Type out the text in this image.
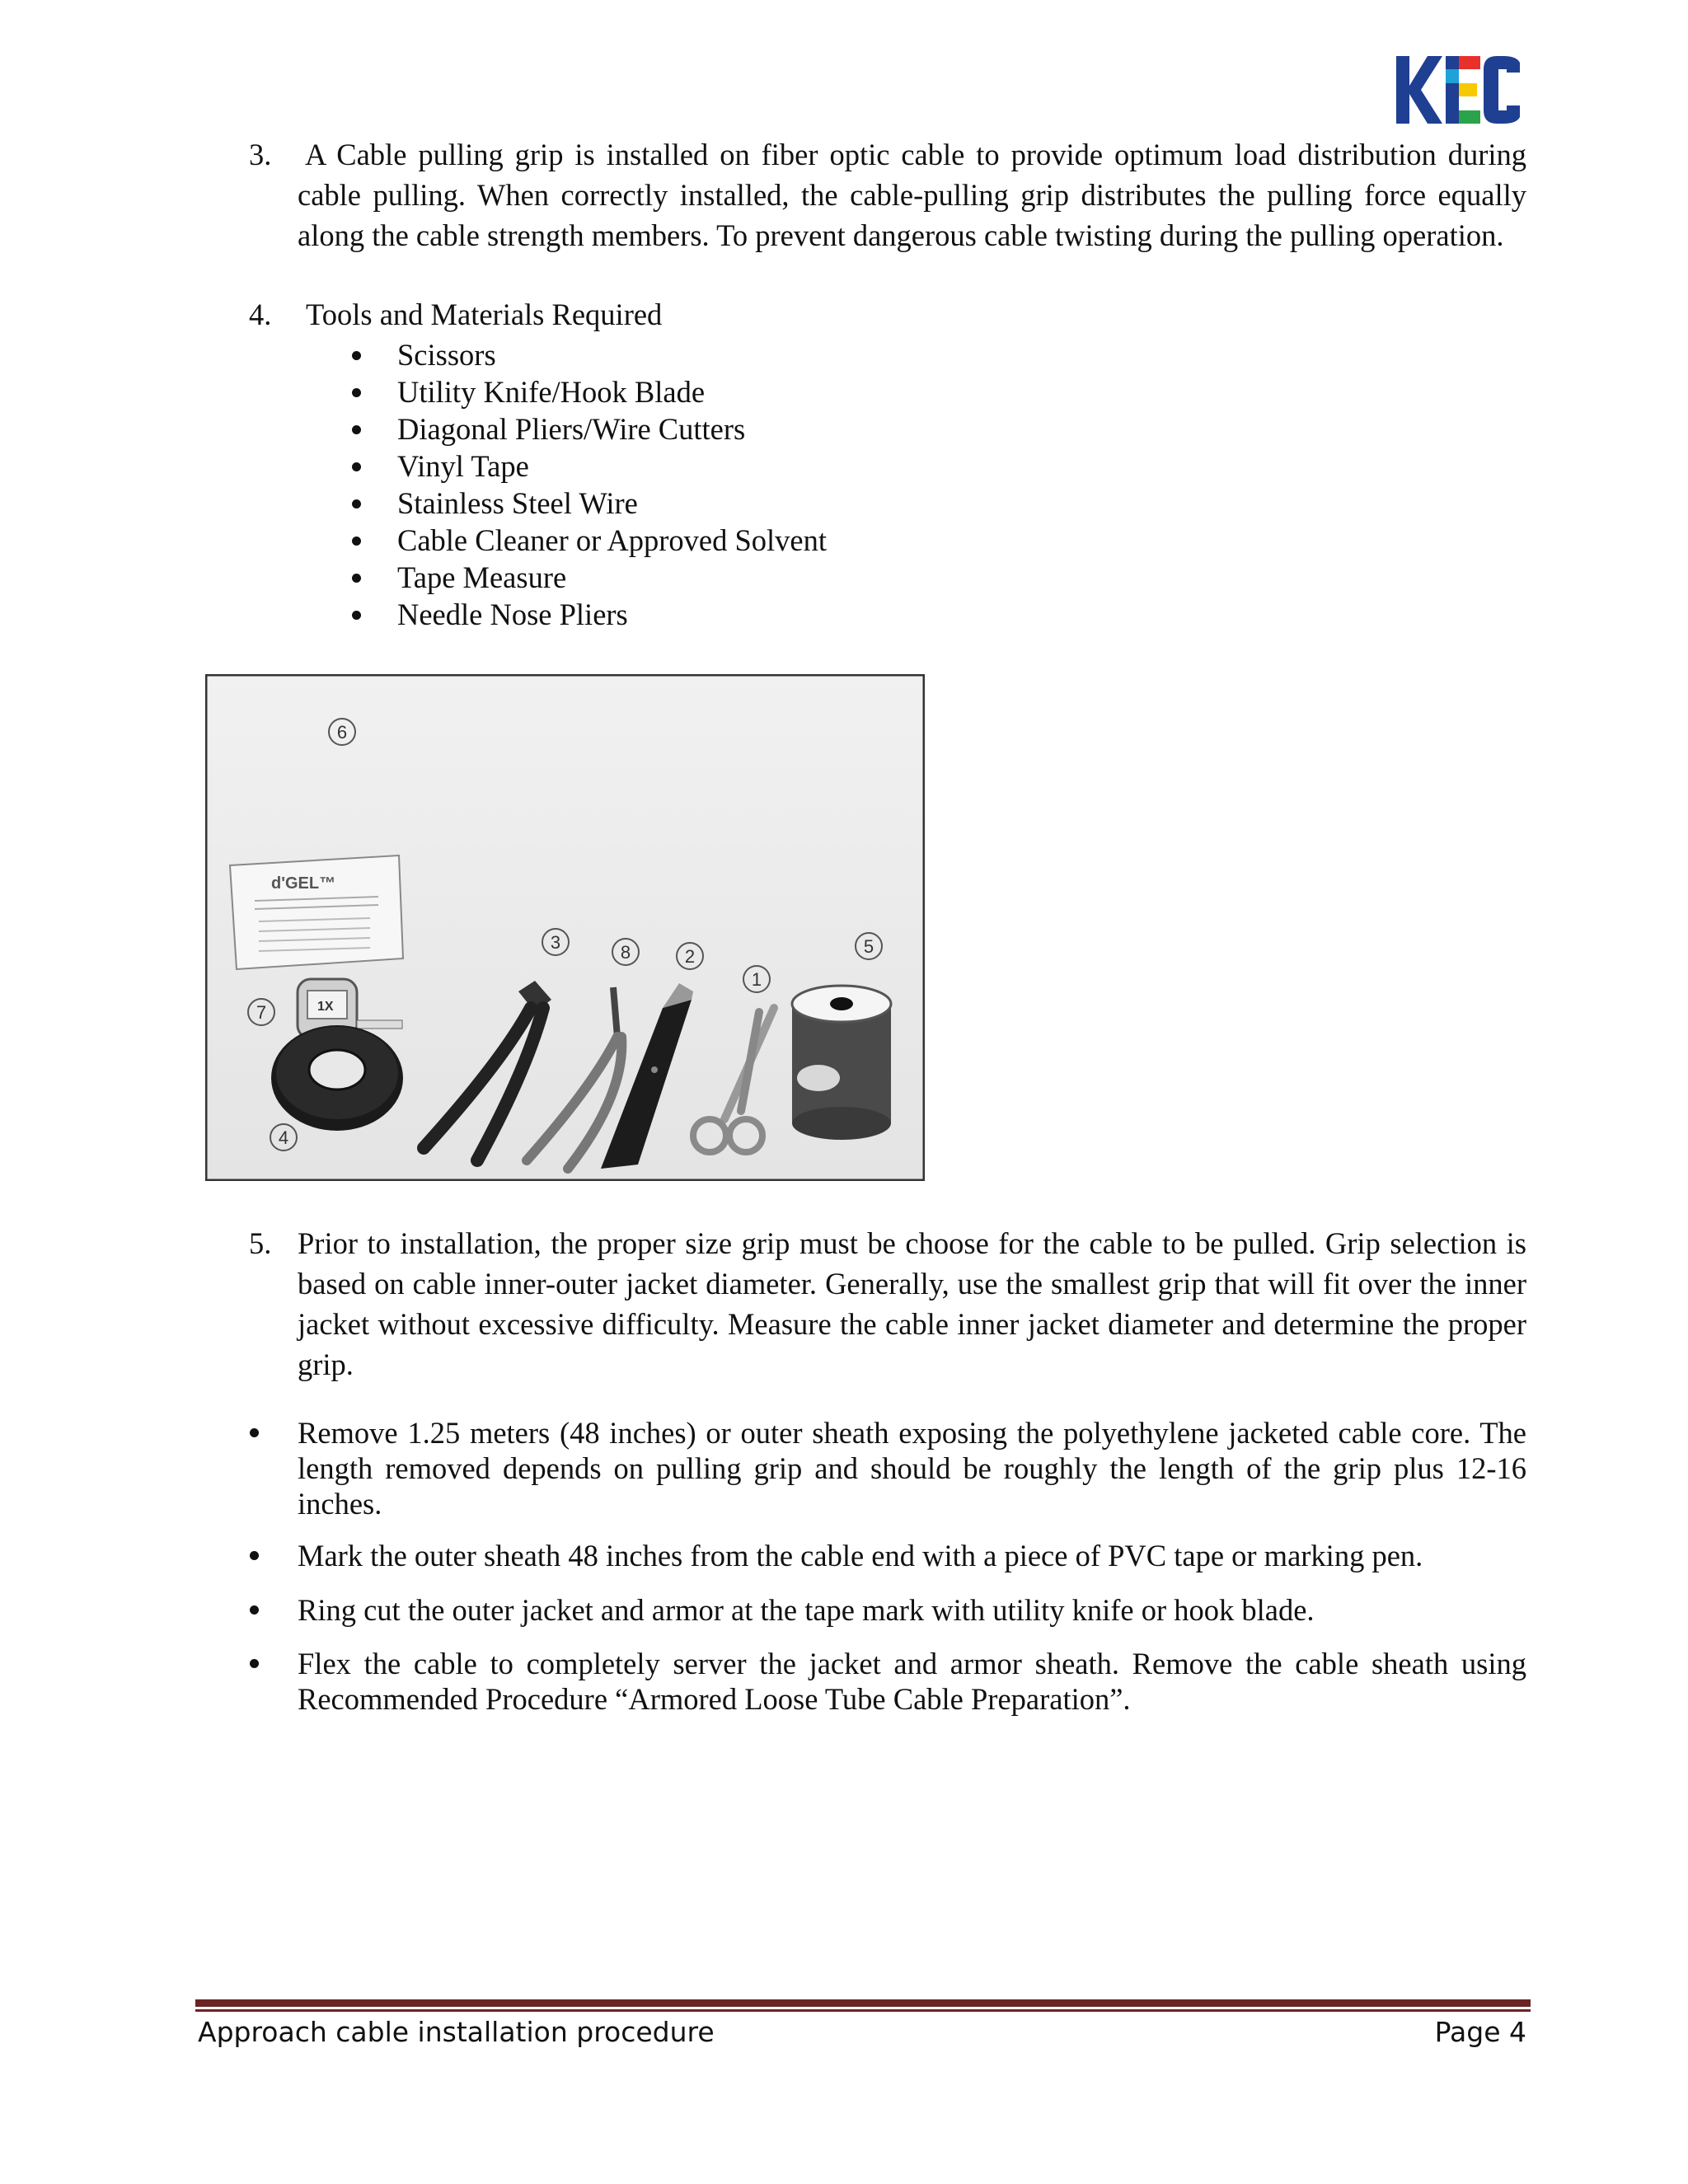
3. A Cable pulling grip is installed on fiber optic cable to provide optimum load distribution during cable pulling. When correctly installed, the cable-pulling grip distributes the pulling force equally along the cable strength members. To prevent dangerous cable twisting during the pulling operation.
4. Tools and Materials Required
Scissors
Utility Knife/Hook Blade
Diagonal Pliers/Wire Cutters
Vinyl Tape
Stainless Steel Wire
Cable Cleaner or Approved Solvent
Tape Measure
Needle Nose Pliers
d'GEL™
1X
6
3	8	2
1
5
7
4
5. Prior to installation, the proper size grip must be choose for the cable to be pulled. Grip selection is based on cable inner-outer jacket diameter. Generally, use the smallest grip that will fit over the inner jacket without excessive difficulty. Measure the cable inner jacket diameter and determine the proper grip.
Remove 1.25 meters (48 inches) or outer sheath exposing the polyethylene jacketed cable core. The length removed depends on pulling grip and should be roughly the length of the grip plus 12-16 inches.
Mark the outer sheath 48 inches from the cable end with a piece of PVC tape or marking pen.
Ring cut the outer jacket and armor at the tape mark with utility knife or hook blade.
Flex the cable to completely server the jacket and armor sheath. Remove the cable sheath using Recommended Procedure “Armored Loose Tube Cable Preparation”.
Approach cable installation procedure	Page 4
